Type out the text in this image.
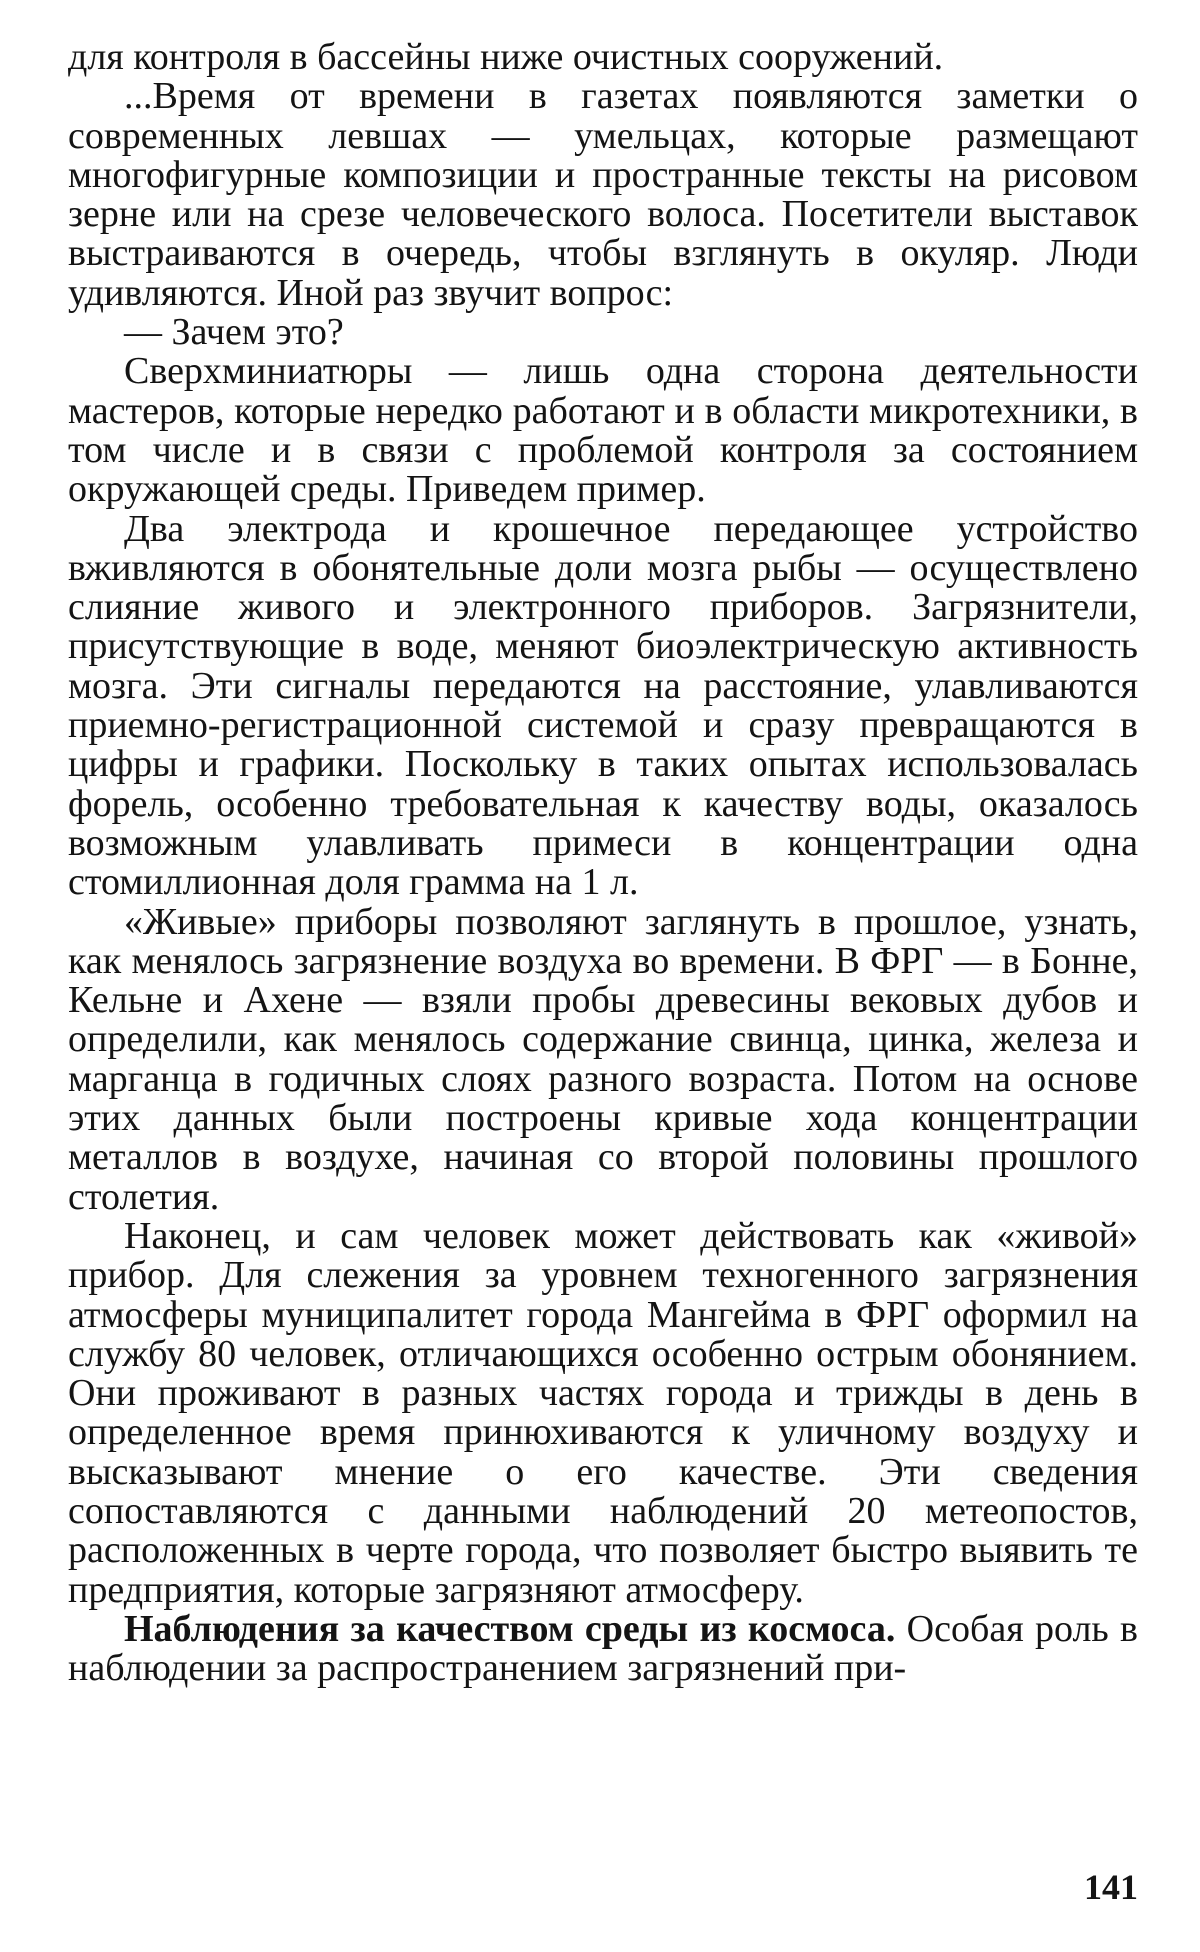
для контроля в бассейны ниже очистных сооружений.

...Время от времени в газетах появляются заметки о современных левшах — умельцах, которые размещают многофигурные композиции и пространные тексты на рисовом зерне или на срезе человеческого волоса. Посетители выставок выстраиваются в очередь, чтобы взглянуть в окуляр. Люди удивляются. Иной раз звучит вопрос:

— Зачем это?

Сверхминиатюры — лишь одна сторона деятельности мастеров, которые нередко работают и в области микротехники, в том числе и в связи с проблемой контроля за состоянием окружающей среды. Приведем пример.

Два электрода и крошечное передающее устройство вживляются в обонятельные доли мозга рыбы — осуществлено слияние живого и электронного приборов. Загрязнители, присутствующие в воде, меняют биоэлектрическую активность мозга. Эти сигналы передаются на расстояние, улавливаются приемно-регистрационной системой и сразу превращаются в цифры и графики. Поскольку в таких опытах использовалась форель, особенно требовательная к качеству воды, оказалось возможным улавливать примеси в концентрации одна стомиллионная доля грамма на 1 л.

«Живые» приборы позволяют заглянуть в прошлое, узнать, как менялось загрязнение воздуха во времени. В ФРГ — в Бонне, Кельне и Ахене — взяли пробы древесины вековых дубов и определили, как менялось содержание свинца, цинка, железа и марганца в годичных слоях разного возраста. Потом на основе этих данных были построены кривые хода концентрации металлов в воздухе, начиная со второй половины прошлого столетия.

Наконец, и сам человек может действовать как «живой» прибор. Для слежения за уровнем техногенного загрязнения атмосферы муниципалитет города Мангейма в ФРГ оформил на службу 80 человек, отличающихся особенно острым обонянием. Они проживают в разных частях города и трижды в день в определенное время принюхиваются к уличному воздуху и высказывают мнение о его качестве. Эти сведения сопоставляются с данными наблюдений 20 метеопостов, расположенных в черте города, что позволяет быстро выявить те предприятия, которые загрязняют атмосферу.

Наблюдения за качеством среды из космоса. Особая роль в наблюдении за распространением загрязнений при-

141
